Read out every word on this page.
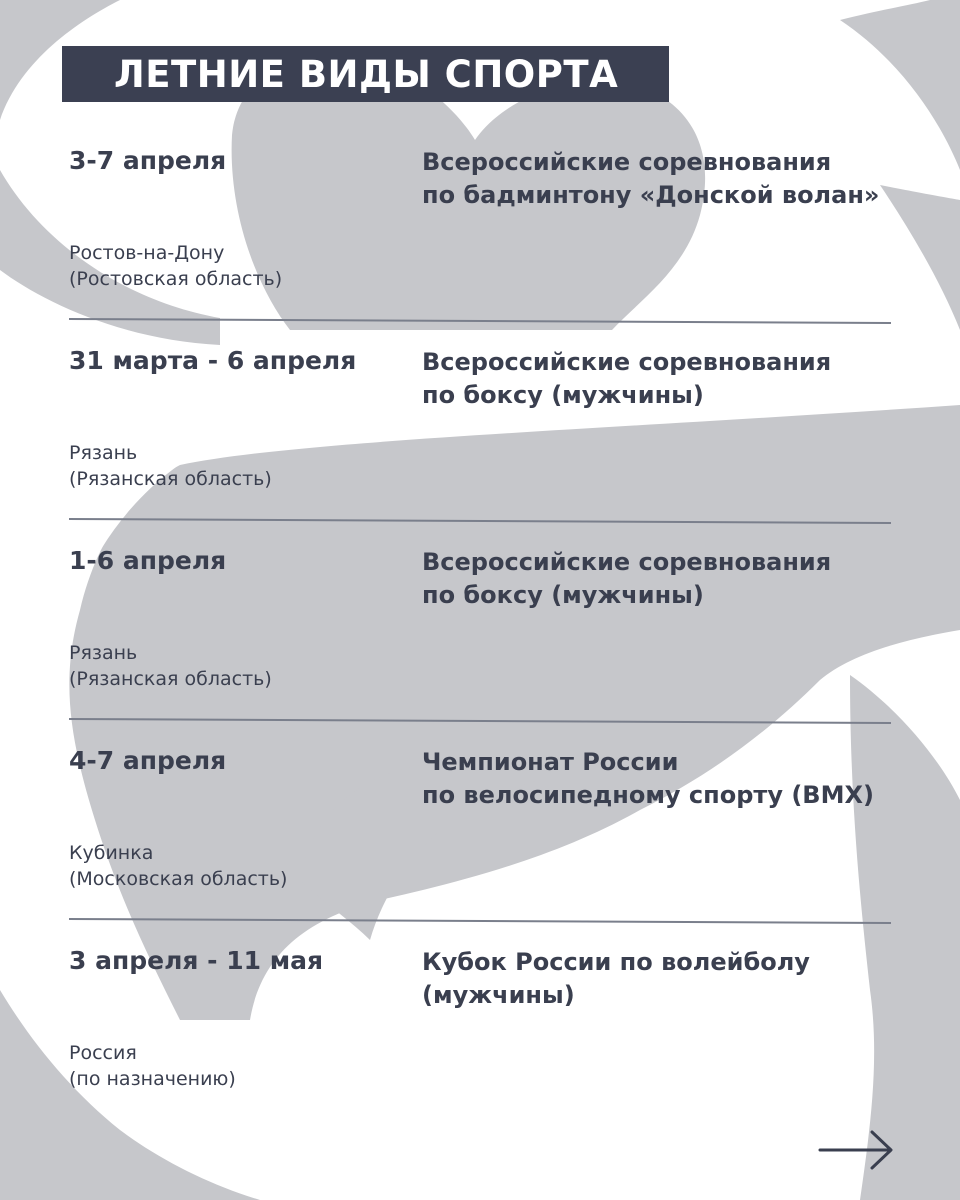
ЛЕТНИЕ ВИДЫ СПОРТА
3-7 апреля	Всероссийские соревнования
по бадминтону «Донской волан»
Ростов-на-Дону
(Ростовская область)
31 марта - 6 апреля	Всероссийские соревнования
по боксу (мужчины)
Рязань
(Рязанская область)
1-6 апреля	Всероссийские соревнования
по боксу (мужчины)
Рязань
(Рязанская область)
4-7 апреля	Чемпионат России
по велосипедному спорту (BMX)
Кубинка
(Московская область)
3 апреля - 11 мая	Кубок России по волейболу
(мужчины)
Россия
(по назначению)
